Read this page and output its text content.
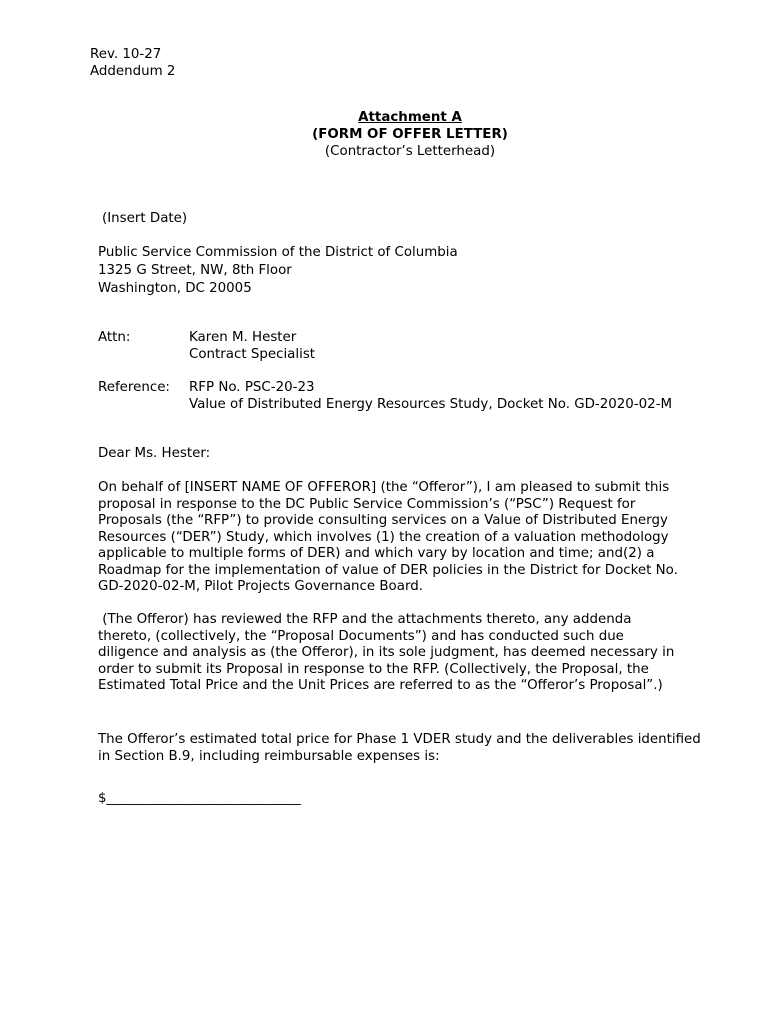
Rev. 10-27
Addendum 2
Attachment A
(FORM OF OFFER LETTER)
(Contractor’s Letterhead)
(Insert Date)
Public Service Commission of the District of Columbia
1325 G Street, NW, 8th Floor
Washington, DC 20005
Attn:	Karen M. Hester
Contract Specialist
Reference: RFP No. PSC-20-23
Value of Distributed Energy Resources Study, Docket No. GD-2020-02-M
Dear Ms. Hester:
On behalf of [INSERT NAME OF OFFEROR] (the “Offeror”), I am pleased to submit this
proposal in response to the DC Public Service Commission’s (“PSC”) Request for
Proposals (the “RFP”) to provide consulting services on a Value of Distributed Energy
Resources (“DER”) Study, which involves (1) the creation of a valuation methodology
applicable to multiple forms of DER) and which vary by location and time; and(2) a
Roadmap for the implementation of value of DER policies in the District for Docket No.
GD-2020-02-M, Pilot Projects Governance Board.
(The Offeror) has reviewed the RFP and the attachments thereto, any addenda
thereto, (collectively, the “Proposal Documents”) and has conducted such due
diligence and analysis as (the Offeror), in its sole judgment, has deemed necessary in
order to submit its Proposal in response to the RFP. (Collectively, the Proposal, the
Estimated Total Price and the Unit Prices are referred to as the “Offeror’s Proposal”.)
The Offeror’s estimated total price for Phase 1 VDER study and the deliverables identified
in Section B.9, including reimbursable expenses is:
$_____________________________
